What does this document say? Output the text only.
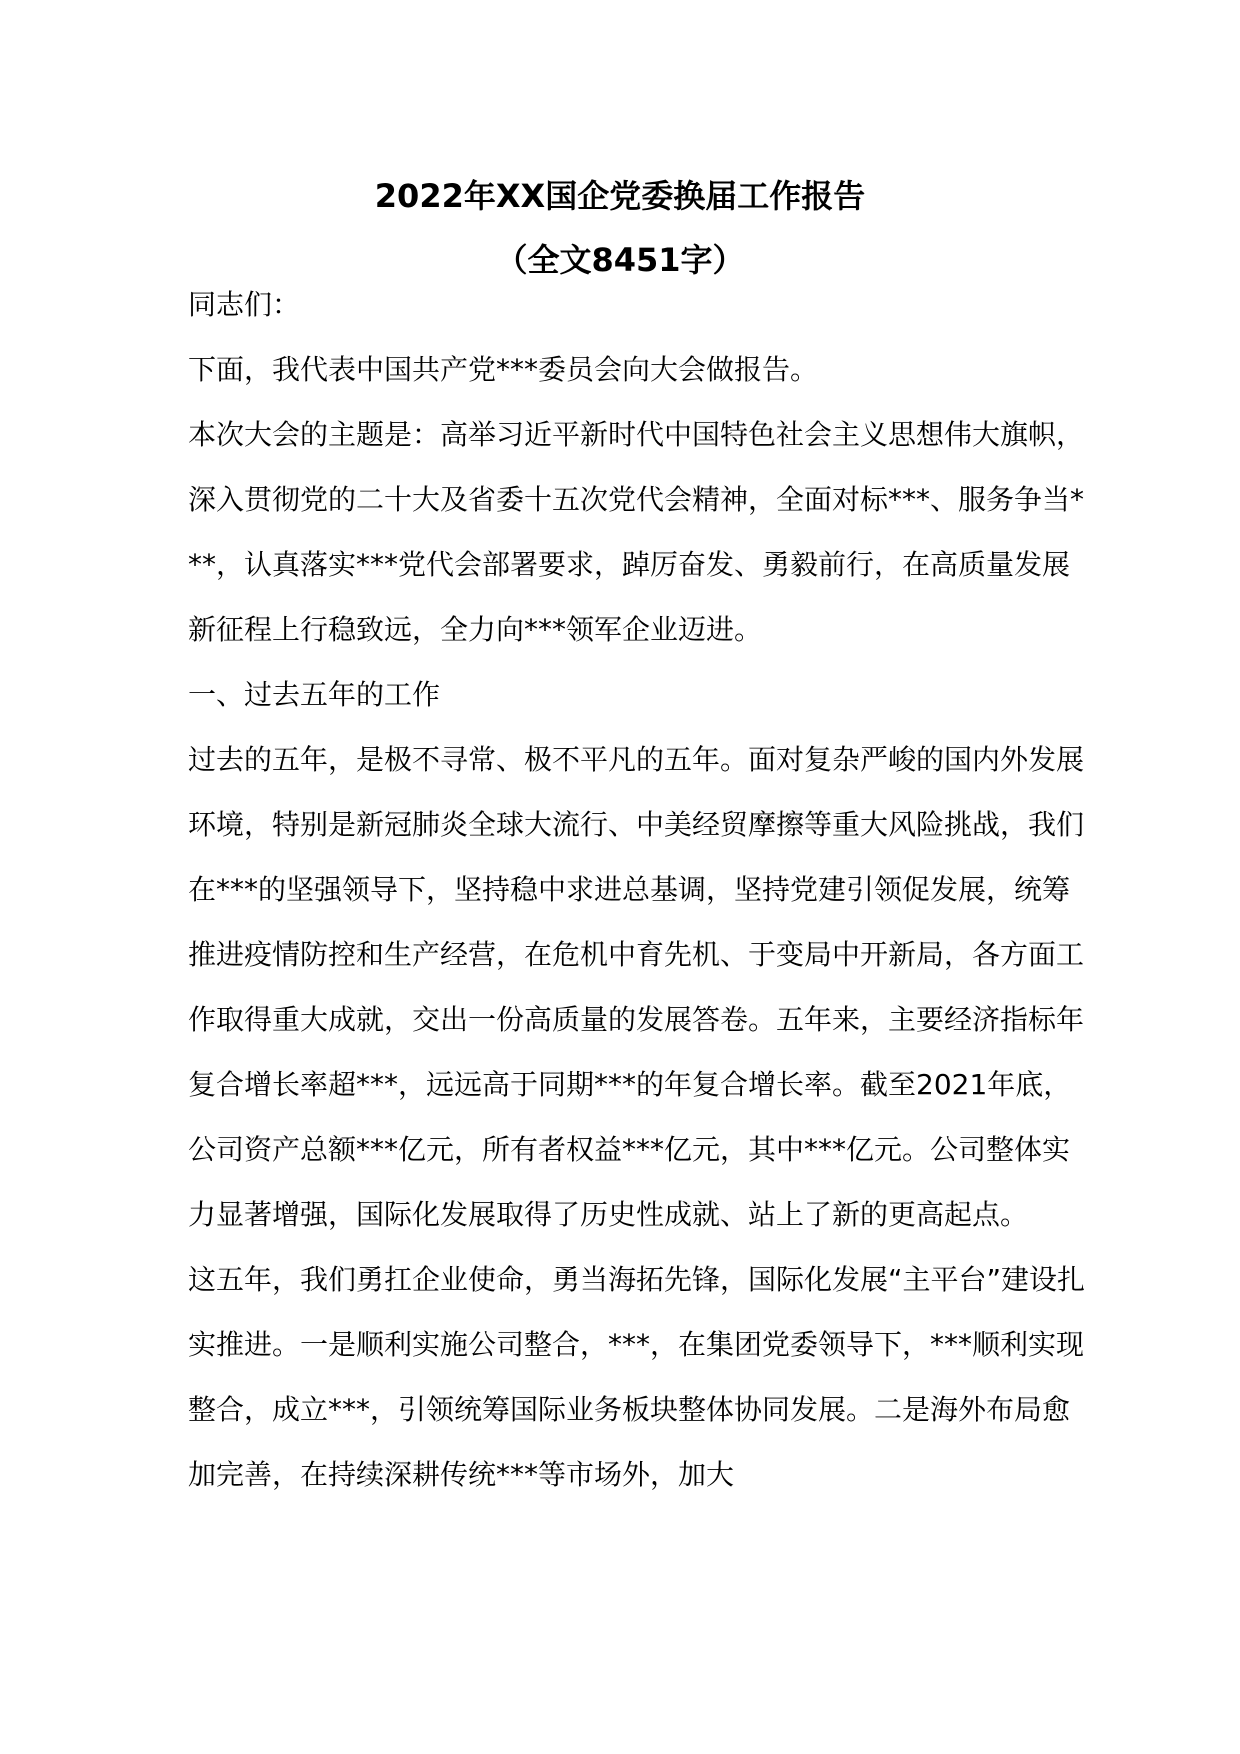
2022年XX国企党委换届工作报告
（全文8451字）

同志们：

下面，我代表中国共产党***委员会向大会做报告。

本次大会的主题是：高举习近平新时代中国特色社会主义思想伟大旗帜，深入贯彻党的二十大及省委十五次党代会精神，全面对标***、服务争当***，认真落实***党代会部署要求，踔厉奋发、勇毅前行，在高质量发展新征程上行稳致远，全力向***领军企业迈进。

一、过去五年的工作

过去的五年，是极不寻常、极不平凡的五年。面对复杂严峻的国内外发展环境，特别是新冠肺炎全球大流行、中美经贸摩擦等重大风险挑战，我们在***的坚强领导下，坚持稳中求进总基调，坚持党建引领促发展，统筹推进疫情防控和生产经营，在危机中育先机、于变局中开新局，各方面工作取得重大成就，交出一份高质量的发展答卷。五年来，主要经济指标年复合增长率超***，远远高于同期***的年复合增长率。截至2021年底，公司资产总额***亿元，所有者权益***亿元，其中***亿元。公司整体实力显著增强，国际化发展取得了历史性成就、站上了新的更高起点。

这五年，我们勇扛企业使命，勇当海拓先锋，国际化发展“主平台”建设扎实推进。一是顺利实施公司整合，***，在集团党委领导下，***顺利实现整合，成立***，引领统筹国际业务板块整体协同发展。二是海外布局愈加完善，在持续深耕传统***等市场外，加大
